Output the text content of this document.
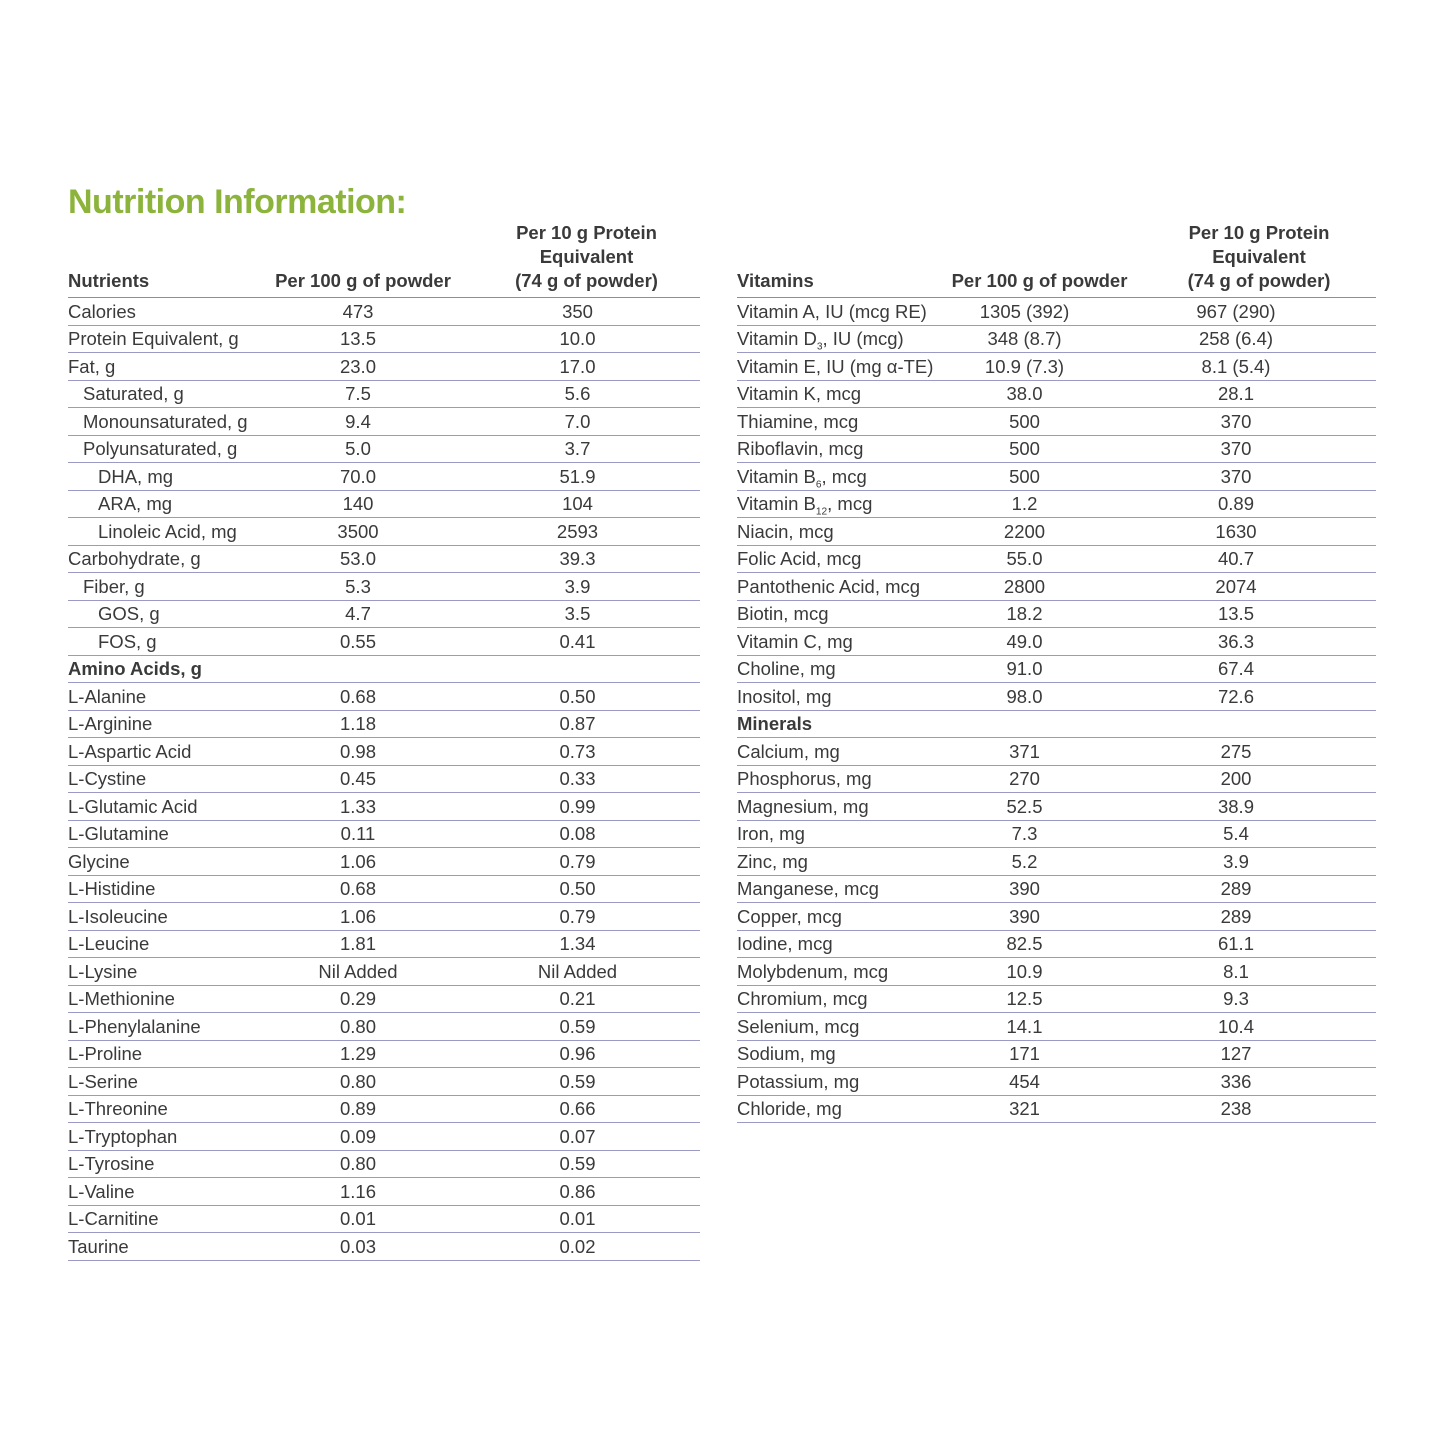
Nutrition Information:
Nutrients	Per 100 g of powder	Per 10 g Protein Equivalent
(74 g of powder)
Calories	473	350
Protein Equivalent, g	13.5	10.0
Fat, g	23.0	17.0
Saturated, g	7.5	5.6
Monounsaturated, g	9.4	7.0
Polyunsaturated, g	5.0	3.7
DHA, mg	70.0	51.9
ARA, mg	140	104
Linoleic Acid, mg	3500	2593
Carbohydrate, g	53.0	39.3
Fiber, g	5.3	3.9
GOS, g	4.7	3.5
FOS, g	0.55	0.41
Amino Acids, g		
L-Alanine	0.68	0.50
L-Arginine	1.18	0.87
L-Aspartic Acid	0.98	0.73
L-Cystine	0.45	0.33
L-Glutamic Acid	1.33	0.99
L-Glutamine	0.11	0.08
Glycine	1.06	0.79
L-Histidine	0.68	0.50
L-Isoleucine	1.06	0.79
L-Leucine	1.81	1.34
L-Lysine	Nil Added	Nil Added
L-Methionine	0.29	0.21
L-Phenylalanine	0.80	0.59
L-Proline	1.29	0.96
L-Serine	0.80	0.59
L-Threonine	0.89	0.66
L-Tryptophan	0.09	0.07
L-Tyrosine	0.80	0.59
L-Valine	1.16	0.86
L-Carnitine	0.01	0.01
Taurine	0.03	0.02
Vitamins	Per 100 g of powder	Per 10 g Protein Equivalent
(74 g of powder)
Vitamin A, IU (mcg RE)	1305 (392)	967 (290)
Vitamin $D_3$, IU (mcg)	348 (8.7)	258 (6.4)
Vitamin E, IU (mg α-TE)	10.9 (7.3)	8.1 (5.4)
Vitamin K, mcg	38.0	28.1
Thiamine, mcg	500	370
Riboflavin, mcg	500	370
Vitamin $B_6$, mcg	500	370
Vitamin $B_{12}$, mcg	1.2	0.89
Niacin, mcg	2200	1630
Folic Acid, mcg	55.0	40.7
Pantothenic Acid, mcg	2800	2074
Biotin, mcg	18.2	13.5
Vitamin C, mg	49.0	36.3
Choline, mg	91.0	67.4
Inositol, mg	98.0	72.6
Minerals		
Calcium, mg	371	275
Phosphorus, mg	270	200
Magnesium, mg	52.5	38.9
Iron, mg	7.3	5.4
Zinc, mg	5.2	3.9
Manganese, mcg	390	289
Copper, mcg	390	289
Iodine, mcg	82.5	61.1
Molybdenum, mcg	10.9	8.1
Chromium, mcg	12.5	9.3
Selenium, mcg	14.1	10.4
Sodium, mg	171	127
Potassium, mg	454	336
Chloride, mg	321	238
